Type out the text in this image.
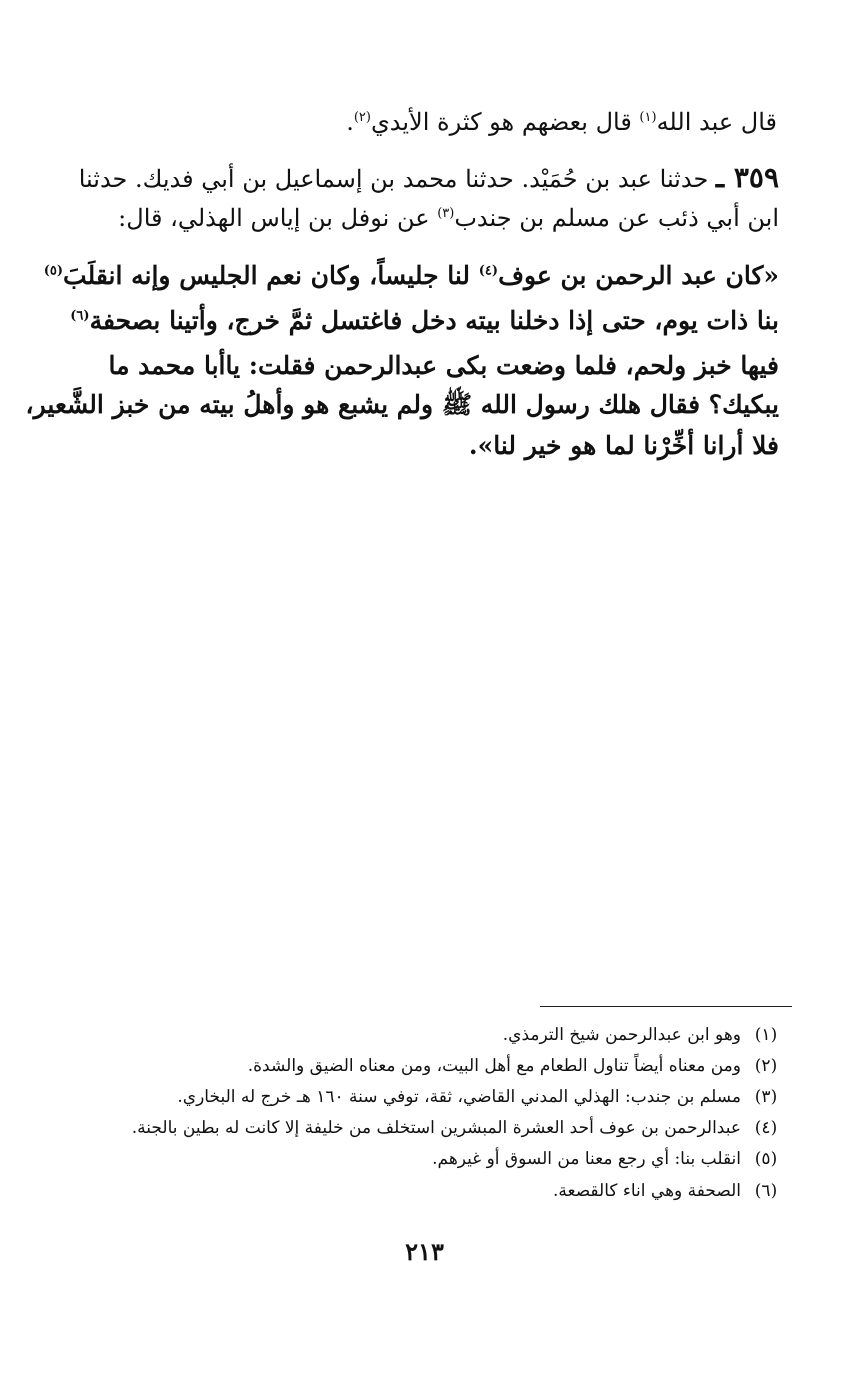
قال عبد الله$^{(١)}$ قال بعضهم هو كثرة الأيدي$^{(٢)}$.
٣٥٩ ـ حدثنا عبد بن حُمَيْد. حدثنا محمد بن إسماعيل بن أبي فديك. حدثنا
ابن أبي ذئب عن مسلم بن جندب$^{(٣)}$ عن نوفل بن إياس الهذلي، قال:
«كان عبد الرحمن بن عوف$^{(٤)}$ لنا جليساً، وكان نعم الجليس وإنه انقلَبَ$^{(٥)}$
بنا ذات يوم، حتى إذا دخلنا بيته دخل فاغتسل ثمَّ خرج، وأتينا بصحفة$^{(٦)}$
فيها خبز ولحم، فلما وضعت بكى عبدالرحمن فقلت: ياأبا محمد ما
يبكيك؟ فقال هلك رسول الله ﷺ ولم يشبع هو وأهلُ بيته من خبز الشَّعير،
فلا أرانا أخِّرْنا لما هو خير لنا».
(١)وهو ابن عبدالرحمن شيخ الترمذي.
(٢)ومن معناه أيضاً تناول الطعام مع أهل البيت، ومن معناه الضيق والشدة.
(٣)مسلم بن جندب: الهذلي المدني القاضي، ثقة، توفي سنة ١٦٠ هـ خرج له البخاري.
(٤)عبدالرحمن بن عوف أحد العشرة المبشرين استخلف من خليفة إلا كانت له بطين بالجنة.
(٥)انقلب بنا: أي رجع معنا من السوق أو غيرهم.
(٦)الصحفة وهي اناء كالقصعة.
٢١٣
